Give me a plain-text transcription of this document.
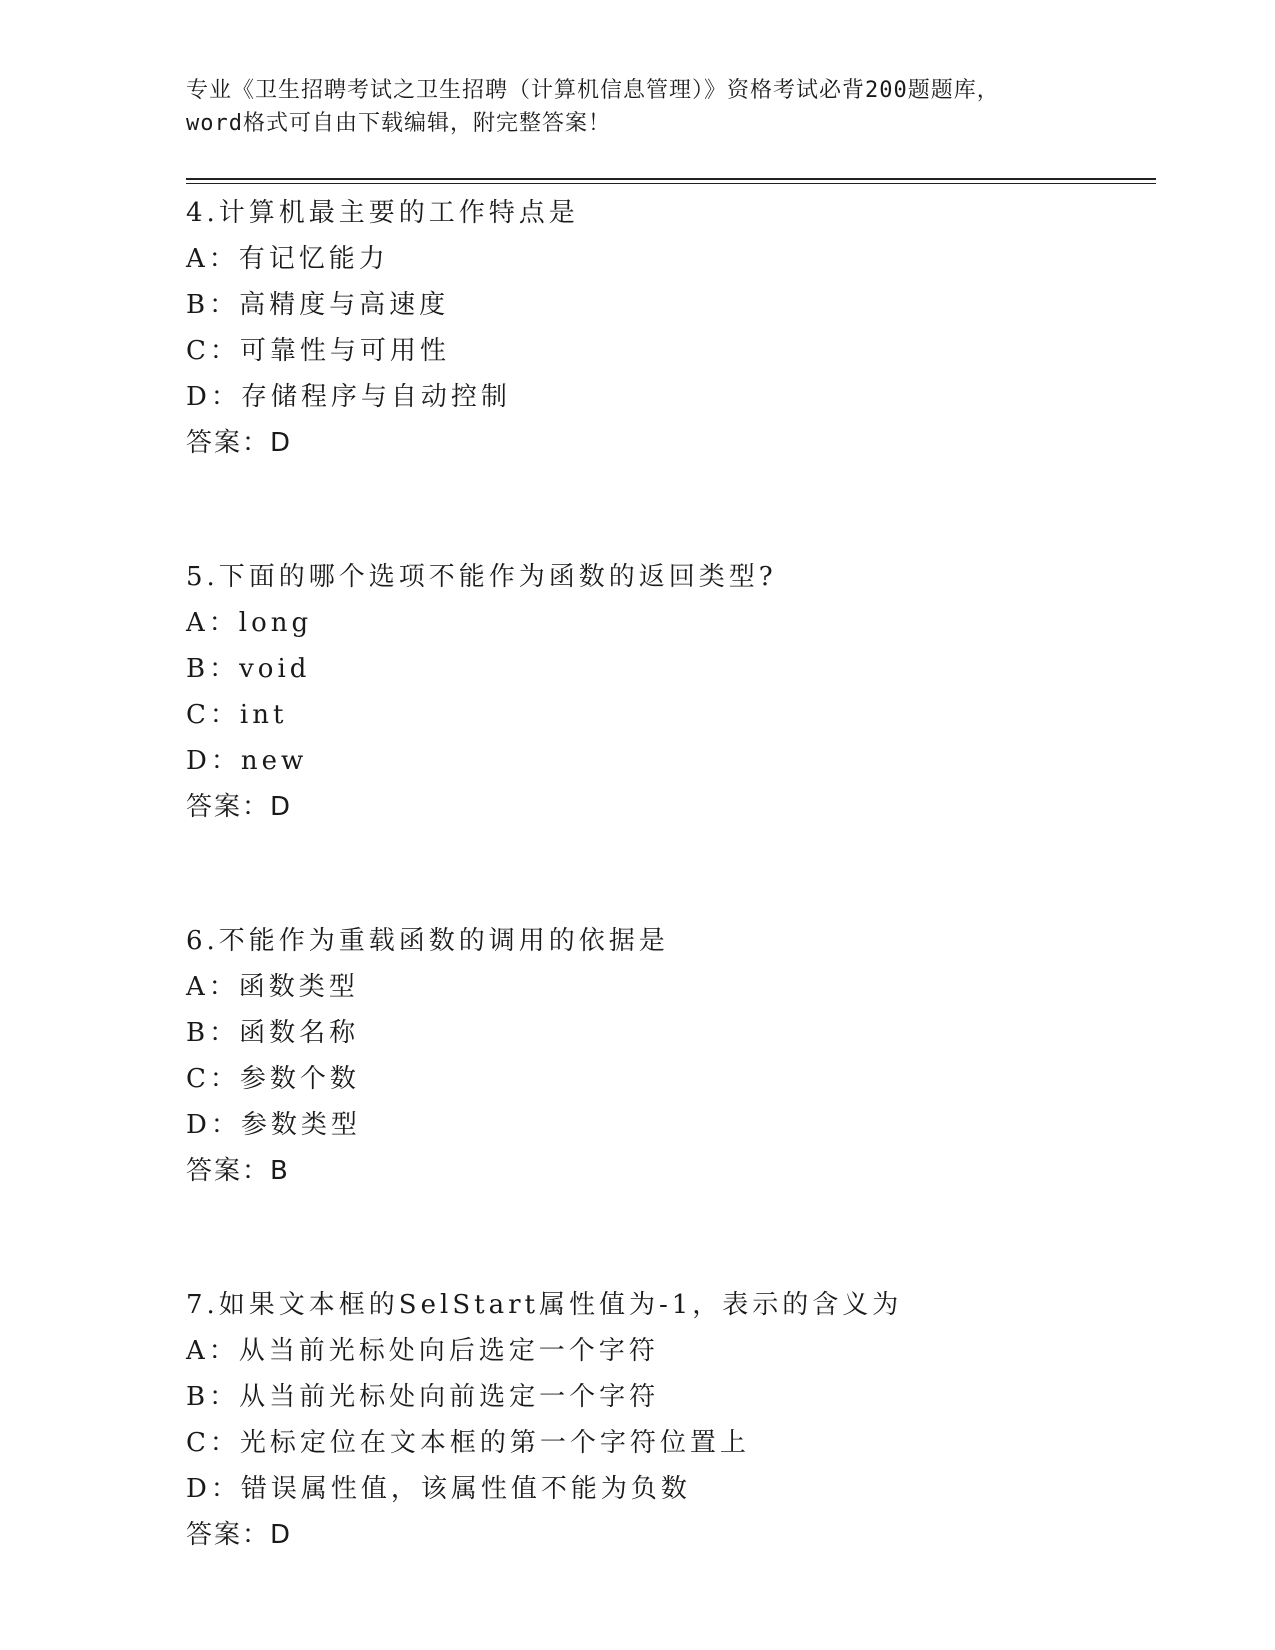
专业《卫生招聘考试之卫生招聘（计算机信息管理）》资格考试必背200题题库，
word格式可自由下载编辑，附完整答案！
4.计算机最主要的工作特点是
A：有记忆能力
B：高精度与高速度
C：可靠性与可用性
D：存储程序与自动控制
答案：D
5.下面的哪个选项不能作为函数的返回类型?
A：long
B：void
C：int
D：new
答案：D
6.不能作为重载函数的调用的依据是
A：函数类型
B：函数名称
C：参数个数
D：参数类型
答案：B
7.如果文本框的SelStart属性值为-1，表示的含义为
A：从当前光标处向后选定一个字符
B：从当前光标处向前选定一个字符
C：光标定位在文本框的第一个字符位置上
D：错误属性值，该属性值不能为负数
答案：D
